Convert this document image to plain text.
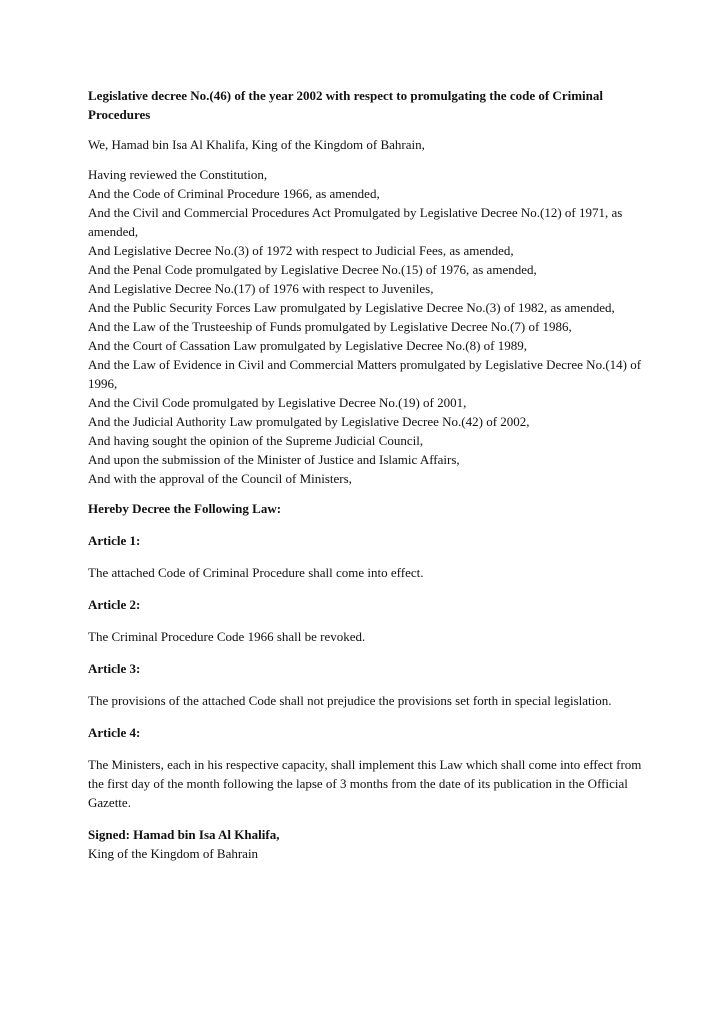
Legislative decree No.(46) of the year 2002 with respect to promulgating the code of Criminal Procedures

We, Hamad bin Isa Al Khalifa, King of the Kingdom of Bahrain,

Having reviewed the Constitution,
And the Code of Criminal Procedure 1966, as amended,
And the Civil and Commercial Procedures Act Promulgated by Legislative Decree No.(12) of 1971, as amended,
And Legislative Decree No.(3) of 1972 with respect to Judicial Fees, as amended,
And the Penal Code promulgated by Legislative Decree No.(15) of 1976, as amended,
And Legislative Decree No.(17) of 1976 with respect to Juveniles,
And the Public Security Forces Law promulgated by Legislative Decree No.(3) of 1982, as amended,
And the Law of the Trusteeship of Funds promulgated by Legislative Decree No.(7) of 1986,
And the Court of Cassation Law promulgated by Legislative Decree No.(8) of 1989,
And the Law of Evidence in Civil and Commercial Matters promulgated by Legislative Decree No.(14) of 1996,
And the Civil Code promulgated by Legislative Decree No.(19) of 2001,
And the Judicial Authority Law promulgated by Legislative Decree No.(42) of 2002,
And having sought the opinion of the Supreme Judicial Council,
And upon the submission of the Minister of Justice and Islamic Affairs,
And with the approval of the Council of Ministers,

Hereby Decree the Following Law:

Article 1:

The attached Code of Criminal Procedure shall come into effect.

Article 2:

The Criminal Procedure Code 1966 shall be revoked.

Article 3:

The provisions of the attached Code shall not prejudice the provisions set forth in special legislation.

Article 4:

The Ministers, each in his respective capacity, shall implement this Law which shall come into effect from the first day of the month following the lapse of 3 months from the date of its publication in the Official Gazette.

Signed: Hamad bin Isa Al Khalifa,
King of the Kingdom of Bahrain
